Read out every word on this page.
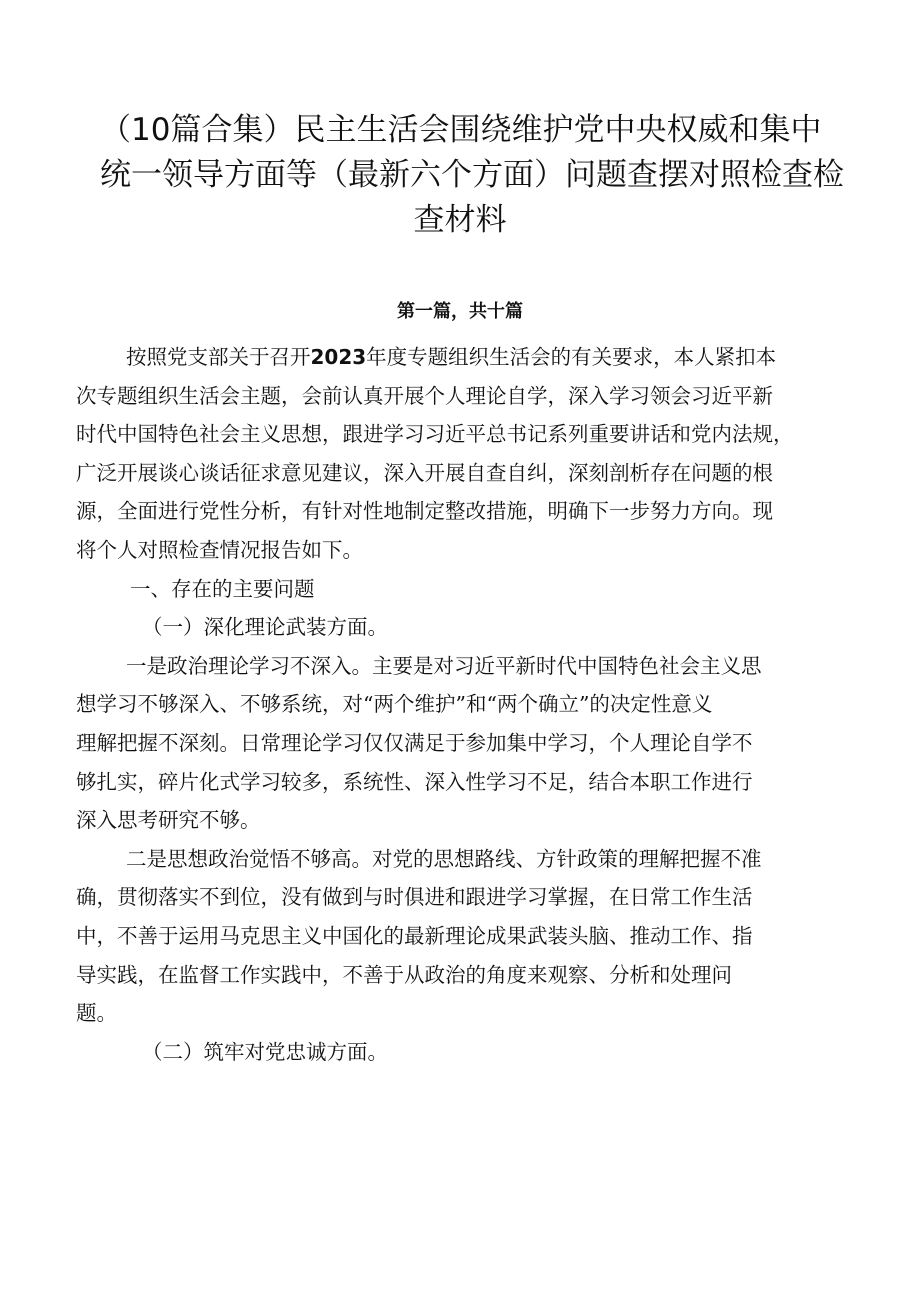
（10篇合集）民主生活会围绕维护党中央权威和集中
统一领导方面等（最新六个方面）问题查摆对照检查检
查材料
第一篇，共十篇
按照党支部关于召开2023年度专题组织生活会的有关要求，本人紧扣本
次专题组织生活会主题，会前认真开展个人理论自学，深入学习领会习近平新
时代中国特色社会主义思想，跟进学习习近平总书记系列重要讲话和党内法规，
广泛开展谈心谈话征求意见建议，深入开展自查自纠，深刻剖析存在问题的根
源，全面进行党性分析，有针对性地制定整改措施，明确下一步努力方向。现
将个人对照检查情况报告如下。
一、存在的主要问题
（一）深化理论武装方面。
一是政治理论学习不深入。主要是对习近平新时代中国特色社会主义思
想学习不够深入、不够系统，对“两个维护”和“两个确立”的决定性意义
理解把握不深刻。日常理论学习仅仅满足于参加集中学习，个人理论自学不
够扎实，碎片化式学习较多，系统性、深入性学习不足，结合本职工作进行
深入思考研究不够。
二是思想政治觉悟不够高。对党的思想路线、方针政策的理解把握不准
确，贯彻落实不到位，没有做到与时俱进和跟进学习掌握，在日常工作生活
中，不善于运用马克思主义中国化的最新理论成果武装头脑、推动工作、指
导实践，在监督工作实践中，不善于从政治的角度来观察、分析和处理问
题。
（二）筑牢对党忠诚方面。
